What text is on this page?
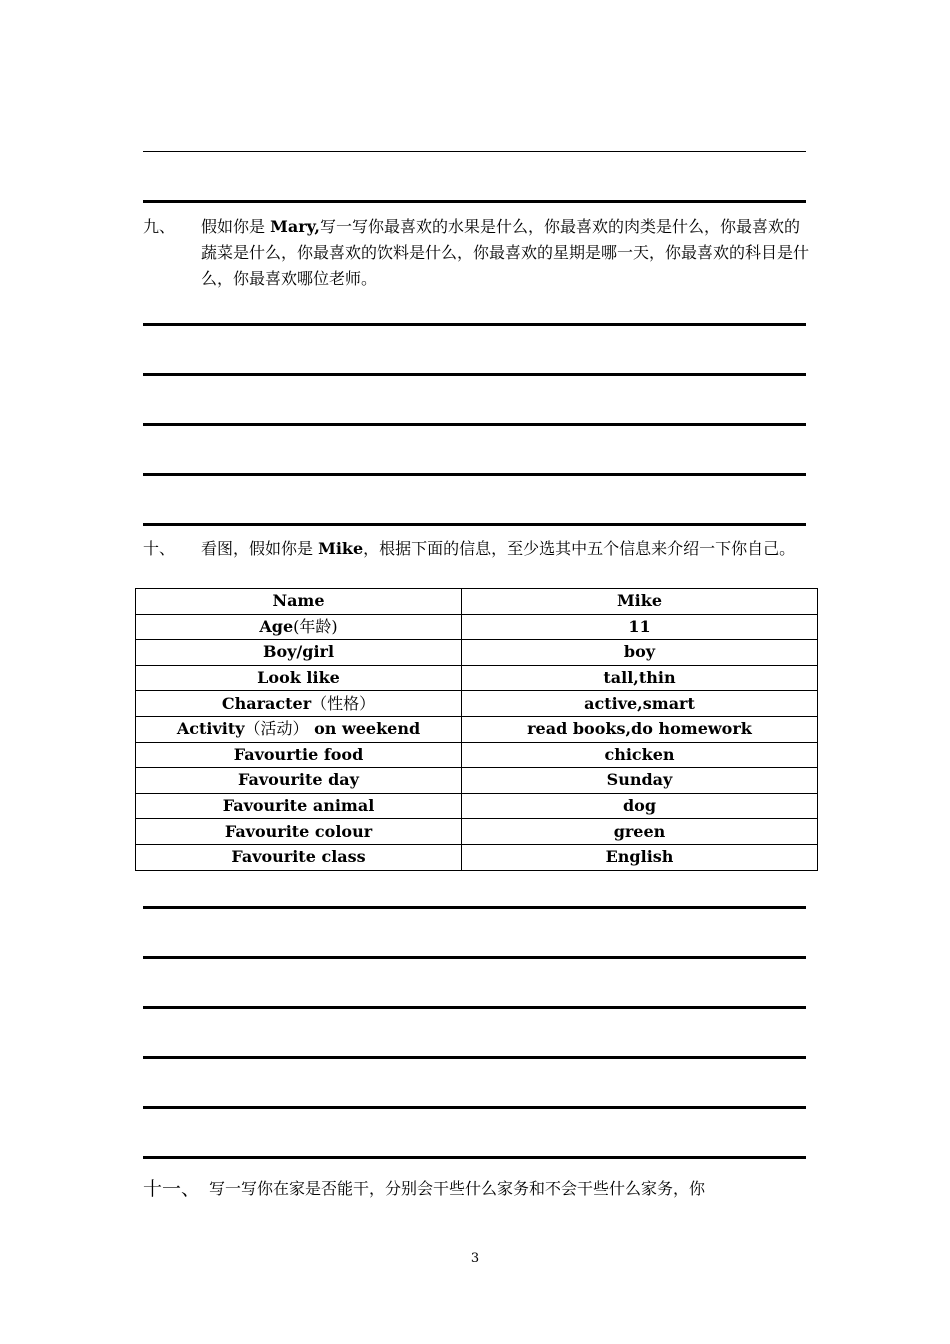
九、 假如你是 Mary,写一写你最喜欢的水果是什么，你最喜欢的肉类是什么，你最喜欢的蔬菜是什么，你最喜欢的饮料是什么，你最喜欢的星期是哪一天，你最喜欢的科目是什么，你最喜欢哪位老师。
十、 看图，假如你是 Mike，根据下面的信息，至少选其中五个信息来介绍一下你自己。
Name	Mike
Age(年龄)	11
Boy/girl	boy
Look like	tall,thin
Character（性格）	active,smart
Activity（活动） on weekend	read books,do homework
Favourtie food	chicken
Favourite day	Sunday
Favourite animal	dog
Favourite colour	green
Favourite class	English
十一、 写一写你在家是否能干，分别会干些什么家务和不会干些什么家务，你
3
